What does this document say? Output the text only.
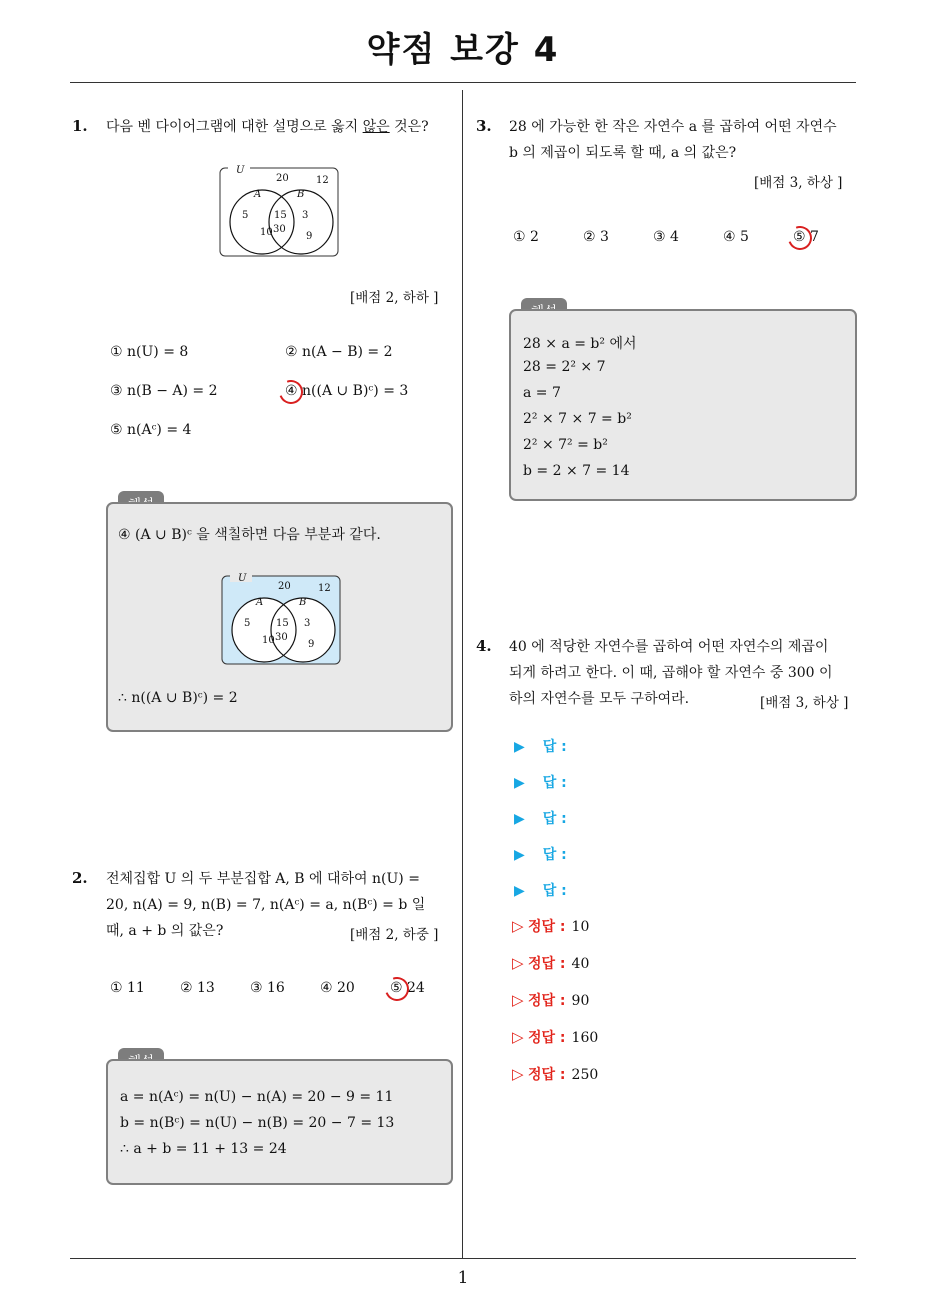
약점 보강 4
1. 다음 벤 다이어그램에 대한 설명으로 옳지 않은 것은?
U
20	12
A	B
5	15 3
10 30
9
[배점 2, 하하 ]
① n(U) = 8	② n(A − B) = 2
③ n(B − A) = 2	④ n((A ∪ B)ᶜ) = 3
⑤ n(Aᶜ) = 4
④ (A ∪ B)ᶜ 을 색칠하면 다음 부분과 같다.
U
20	12
A	B
5	15 3
10 30
9
∴ n((A ∪ B)ᶜ) = 2
2. 전체집합 U 의 두 부분집합 A, B 에 대하여 n(U) =
20, n(A) = 9, n(B) = 7, n(Aᶜ) = a, n(Bᶜ) = b 일
때, a + b 의 값은?	[배점 2, 하중 ]
① 11	② 13	③ 16	④ 20	⑤ 24
a = n(Aᶜ) = n(U) − n(A) = 20 − 9 = 11
b = n(Bᶜ) = n(U) − n(B) = 20 − 7 = 13
∴ a + b = 11 + 13 = 24
3. 28 에 가능한 한 작은 자연수 a 를 곱하여 어떤 자연수
b 의 제곱이 되도록 할 때, a 의 값은?
[배점 3, 하상 ]
① 2	② 3	③ 4	④ 5	⑤ 7
28 × a = b² 에서
28 = 2² × 7
a = 7
2² × 7 × 7 = b²
2² × 7² = b²
b = 2 × 7 = 14
4. 40 에 적당한 자연수를 곱하여 어떤 자연수의 제곱이
되게 하려고 한다. 이 때, 곱해야 할 자연수 중 300 이
하의 자연수를 모두 구하여라.	[배점 3, 하상 ]
▶ 답 :
▶ 답 :
▶ 답 :
▶ 답 :
▶ 답 :
▷ 정답 : 10
▷ 정답 : 40
▷ 정답 : 90
▷ 정답 : 160
▷ 정답 : 250
1
